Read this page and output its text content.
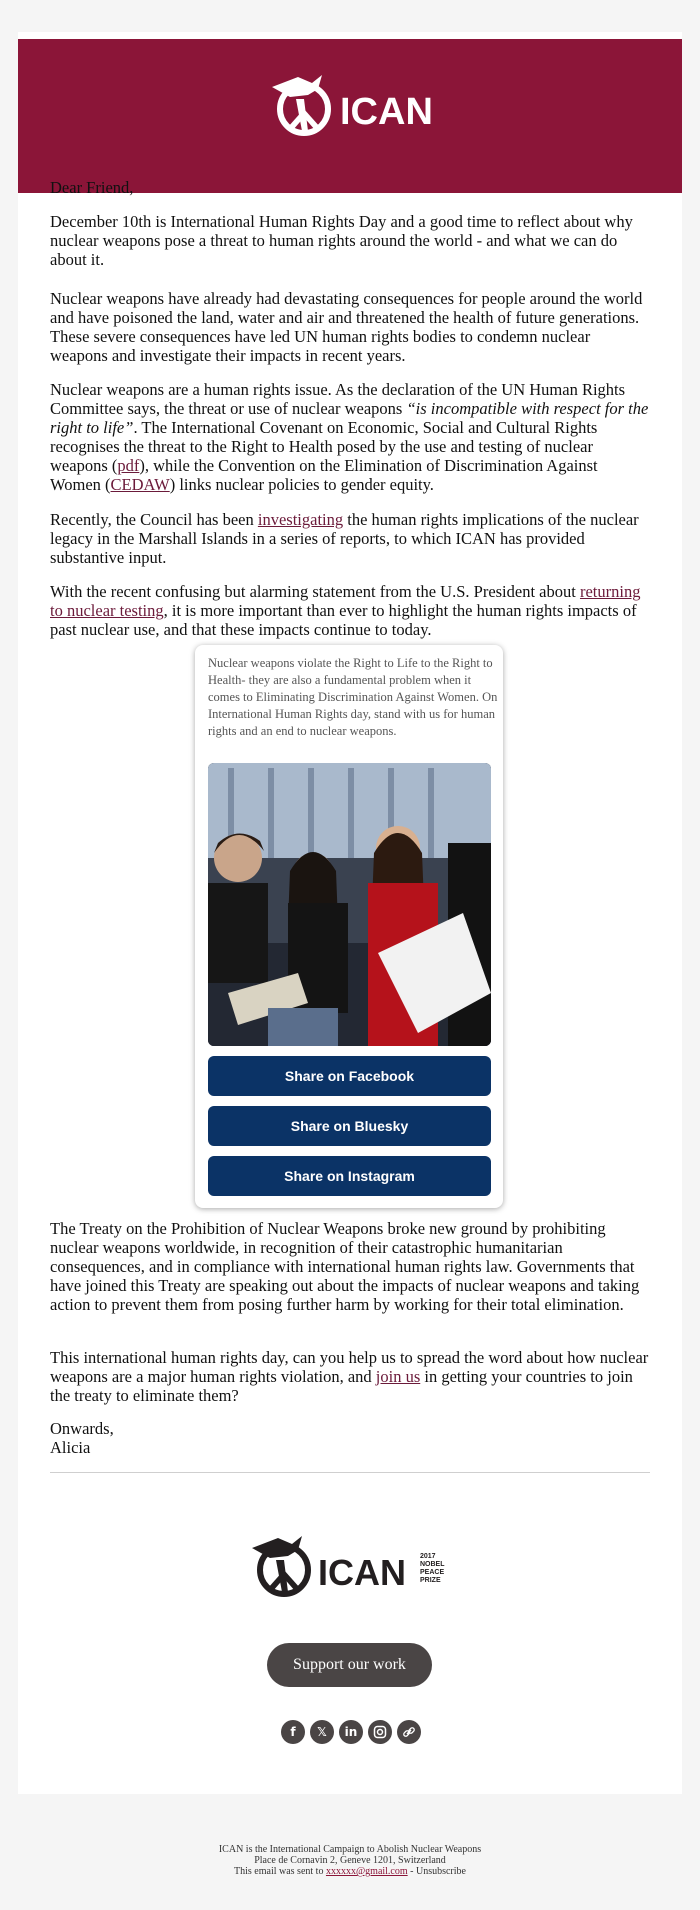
ICAN

Dear Friend,

December 10th is International Human Rights Day and a good time to reflect about why nuclear weapons pose a threat to human rights around the world - and what we can do about it.

Nuclear weapons have already had devastating consequences for people around the world and have poisoned the land, water and air and threatened the health of future generations. These severe consequences have led UN human rights bodies to condemn nuclear weapons and investigate their impacts in recent years.

Nuclear weapons are a human rights issue. As the declaration of the UN Human Rights Committee says, the threat or use of nuclear weapons “is incompatible with respect for the right to life”. The International Covenant on Economic, Social and Cultural Rights recognises the threat to the Right to Health posed by the use and testing of nuclear weapons (pdf), while the Convention on the Elimination of Discrimination Against Women (CEDAW) links nuclear policies to gender equity.

Recently, the Council has been investigating the human rights implications of the nuclear legacy in the Marshall Islands in a series of reports, to which ICAN has provided substantive input.

With the recent confusing but alarming statement from the U.S. President about returning to nuclear testing, it is more important than ever to highlight the human rights impacts of past nuclear use, and that these impacts continue to today.

Nuclear weapons violate the Right to Life to the Right to Health- they are also a fundamental problem when it comes to Eliminating Discrimination Against Women. On International Human Rights day, stand with us for human rights and an end to nuclear weapons.
Share on Facebook
Share on Bluesky
Share on Instagram

The Treaty on the Prohibition of Nuclear Weapons broke new ground by prohibiting nuclear weapons worldwide, in recognition of their catastrophic humanitarian consequences, and in compliance with international human rights law. Governments that have joined this Treaty are speaking out about the impacts of nuclear weapons and taking action to prevent them from posing further harm by working for their total elimination.

This international human rights day, can you help us to spread the word about how nuclear weapons are a major human rights violation, and join us in getting your countries to join the treaty to eliminate them?

Onwards,

Alicia

ICAN 2017
NOBEL
PEACE
PRIZE
Support our work
f	𝕏	in
ICAN is the International Campaign to Abolish Nuclear Weapons
Place de Cornavin 2, Geneve 1201, Switzerland
This email was sent to xxxxxx@gmail.com - Unsubscribe
